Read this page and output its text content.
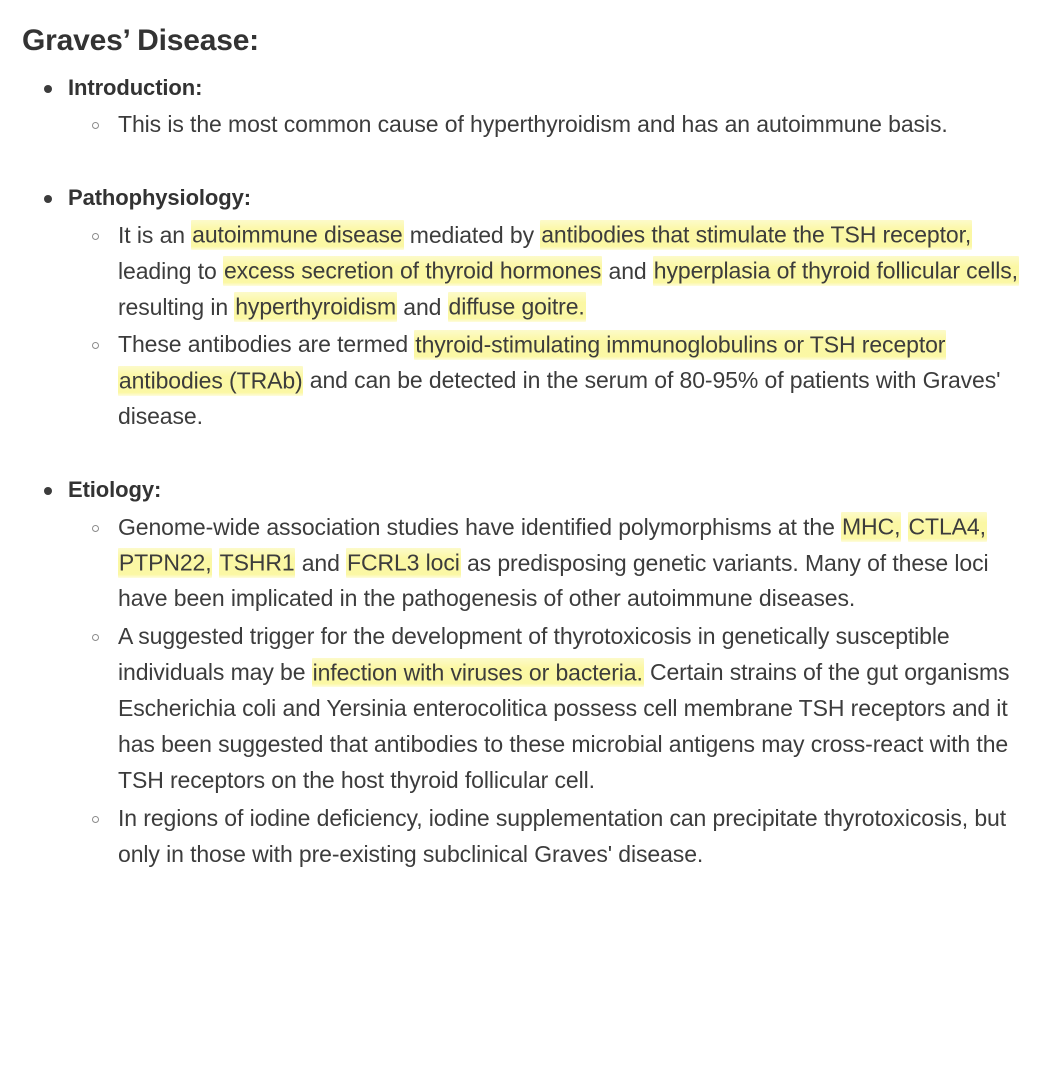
Graves’ Disease:
Introduction:
This is the most common cause of hyperthyroidism and has an autoimmune basis.
Pathophysiology:
It is an autoimmune disease mediated by antibodies that stimulate the TSH receptor, leading to excess secretion of thyroid hormones and hyperplasia of thyroid follicular cells, resulting in hyperthyroidism and diffuse goitre.
These antibodies are termed thyroid-stimulating immunoglobulins or TSH receptor antibodies (TRAb) and can be detected in the serum of 80-95% of patients with Graves' disease.
Etiology:
Genome-wide association studies have identified polymorphisms at the MHC, CTLA4, PTPN22, TSHR1 and FCRL3 loci as predisposing genetic variants. Many of these loci have been implicated in the pathogenesis of other autoimmune diseases.
A suggested trigger for the development of thyrotoxicosis in genetically susceptible individuals may be infection with viruses or bacteria. Certain strains of the gut organisms Escherichia coli and Yersinia enterocolitica possess cell membrane TSH receptors and it has been suggested that antibodies to these microbial antigens may cross-react with the TSH receptors on the host thyroid follicular cell.
In regions of iodine deficiency, iodine supplementation can precipitate thyrotoxicosis, but only in those with pre-existing subclinical Graves' disease.
